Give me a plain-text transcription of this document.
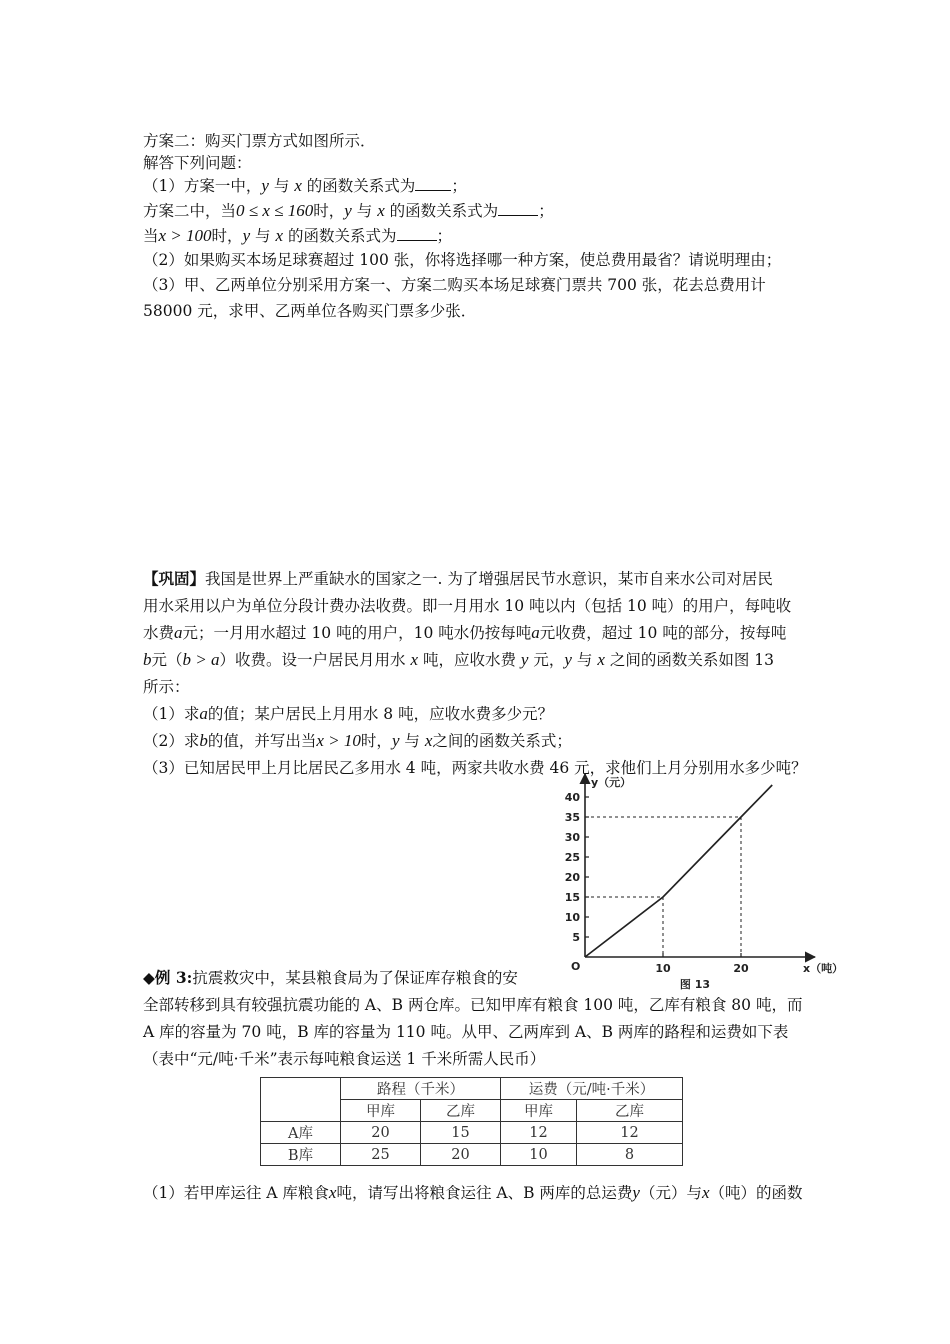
方案二：购买门票方式如图所示．
解答下列问题：
（1）方案一中，y 与 x 的函数关系式为 ；
方案二中，当0 ≤ x ≤ 160时，y 与 x 的函数关系式为	；
当x > 100时，y 与 x 的函数关系式为	；
（2）如果购买本场足球赛超过 100 张，你将选择哪一种方案，使总费用最省？请说明理由；
（3）甲、乙两单位分别采用方案一、方案二购买本场足球赛门票共 700 张，花去总费用计
58000 元，求甲、乙两单位各购买门票多少张．
【巩固】我国是世界上严重缺水的国家之一. 为了增强居民节水意识，某市自来水公司对居民
用水采用以户为单位分段计费办法收费。即一月用水 10 吨以内（包括 10 吨）的用户，每吨收
水费a元；一月用水超过 10 吨的用户，10 吨水仍按每吨a元收费，超过 10 吨的部分，按每吨
b元（b > a）收费。设一户居民月用水 x 吨，应收水费 y 元，y 与 x 之间的函数关系如图 13
所示：
（1）求a的值；某户居民上月用水 8 吨，应收水费多少元？
（2）求b的值，并写出当x > 10时，y 与 x之间的函数关系式；
（3）已知居民甲上月比居民乙多用水 4 吨，两家共收水费 46 元，求他们上月分别用水多少吨？
5
10
15
20
25
30
35
40
10	20
y（元）
x（吨）
O
图 13
◆例 3:抗震救灾中，某县粮食局为了保证库存粮食的安
全部转移到具有较强抗震功能的 A、B 两仓库。已知甲库有粮食 100 吨，乙库有粮食 80 吨，而
A 库的容量为 70 吨，B 库的容量为 110 吨。从甲、乙两库到 A、B 两库的路程和运费如下表
（表中“元/吨·千米”表示每吨粮食运送 1 千米所需人民币）
	路程（千米）		运费（元/吨·千米）	
	甲库	乙库	甲库	乙库
A库	20	15	12	12
B库	25	20	10	8
（1）若甲库运往 A 库粮食x吨，请写出将粮食运往 A、B 两库的总运费y（元）与x（吨）的函数
